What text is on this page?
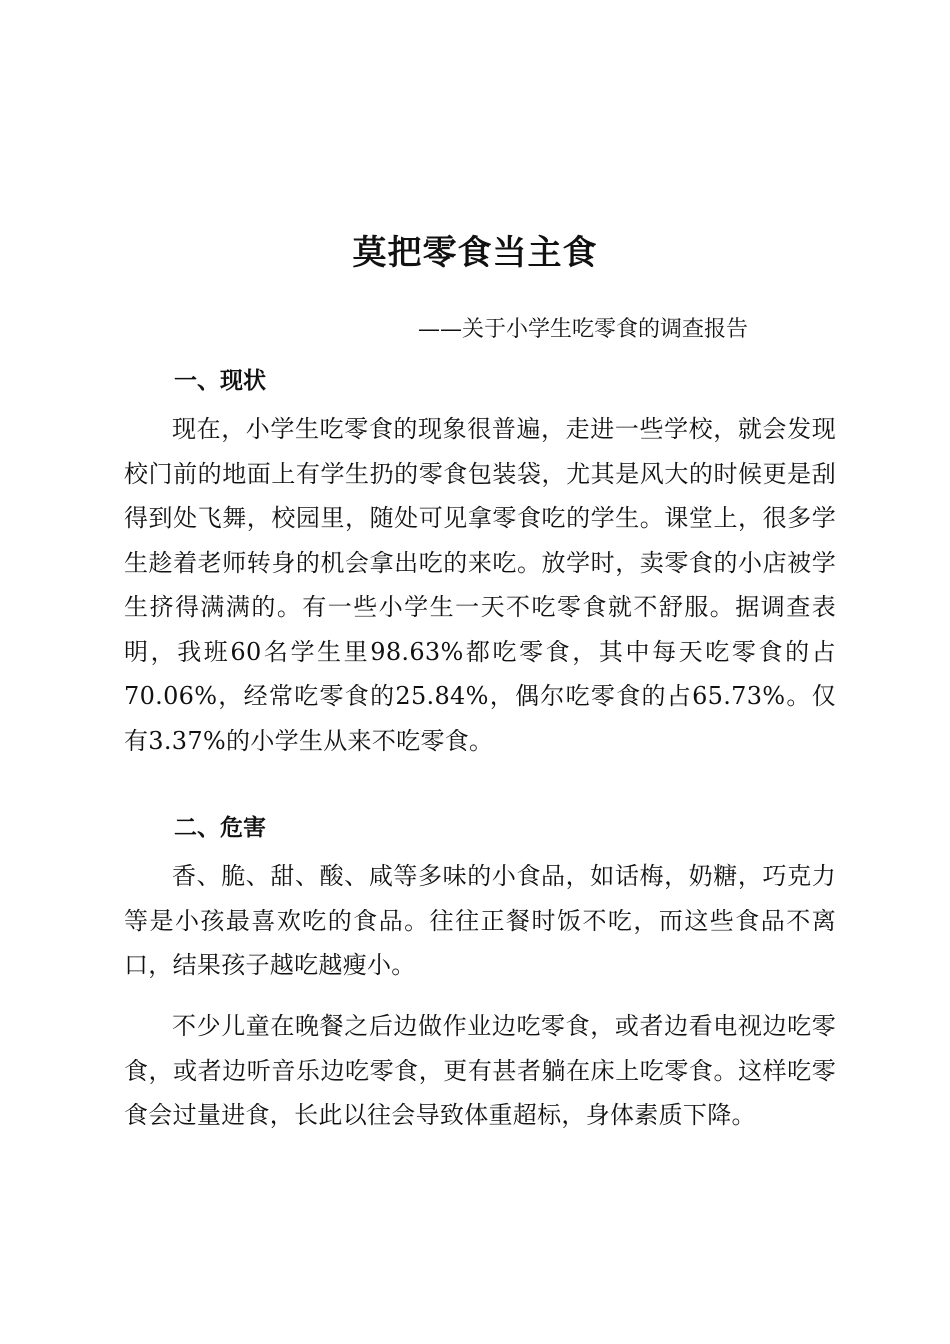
莫把零食当主食
——关于小学生吃零食的调查报告
一、现状
现在，小学生吃零食的现象很普遍，走进一些学校，就会发现校门前的地面上有学生扔的零食包装袋，尤其是风大的时候更是刮得到处飞舞，校园里，随处可见拿零食吃的学生。课堂上，很多学生趁着老师转身的机会拿出吃的来吃。放学时，卖零食的小店被学生挤得满满的。有一些小学生一天不吃零食就不舒服。据调查表明，我班60名学生里98.63%都吃零食，其中每天吃零食的占70.06%，经常吃零食的25.84%，偶尔吃零食的占65.73%。仅有3.37%的小学生从来不吃零食。
二、危害
香、脆、甜、酸、咸等多味的小食品，如话梅，奶糖，巧克力等是小孩最喜欢吃的食品。往往正餐时饭不吃，而这些食品不离口，结果孩子越吃越瘦小。
不少儿童在晚餐之后边做作业边吃零食，或者边看电视边吃零食，或者边听音乐边吃零食，更有甚者躺在床上吃零食。这样吃零食会过量进食，长此以往会导致体重超标，身体素质下降。
